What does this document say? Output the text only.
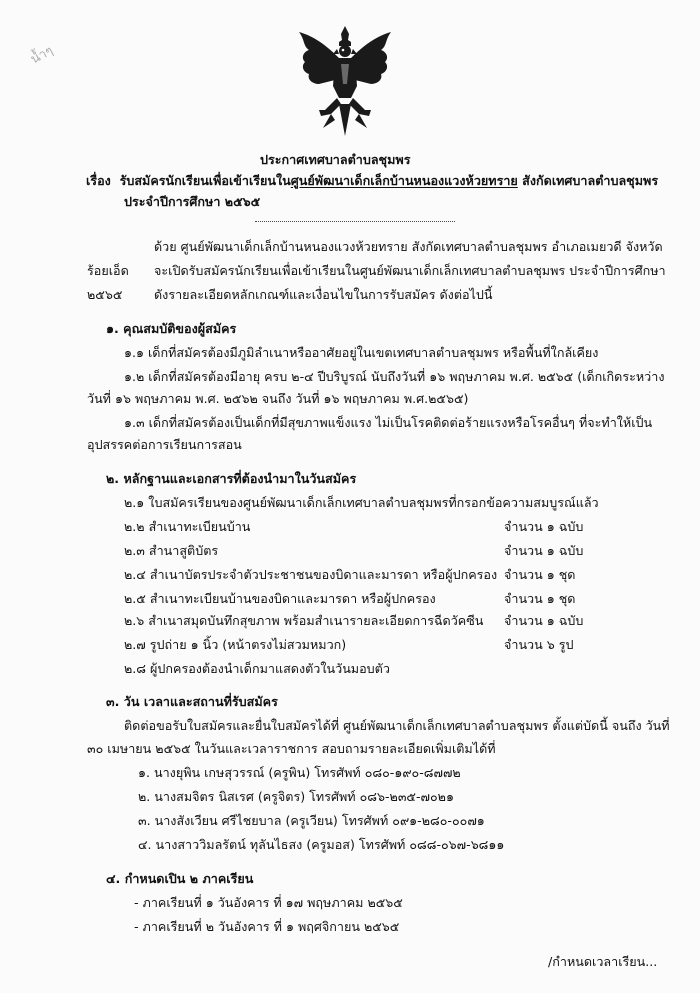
น้ำๆ
ประกาศเทศบาลตำบลชุมพร
เรื่อง รับสมัครนักเรียนเพื่อเข้าเรียนในศูนย์พัฒนาเด็กเล็กบ้านหนองแวงห้วยทราย สังกัดเทศบาลตำบลชุมพร
ประจำปีการศึกษา ๒๕๖๕
ด้วย ศูนย์พัฒนาเด็กเล็กบ้านหนองแวงห้วยทราย สังกัดเทศบาลตำบลชุมพร อำเภอเมยวดี จังหวัด
ร้อยเอ็ด จะเปิดรับสมัครนักเรียนเพื่อเข้าเรียนในศูนย์พัฒนาเด็กเล็กเทศบาลตำบลชุมพร ประจำปีการศึกษา
๒๕๖๕	ดังรายละเอียดหลักเกณฑ์และเงื่อนไขในการรับสมัคร ดังต่อไปนี้
๑. คุณสมบัติของผู้สมัคร
๑.๑ เด็กที่สมัครต้องมีภูมิลำเนาหรืออาศัยอยู่ในเขตเทศบาลตำบลชุมพร หรือพื้นที่ใกล้เคียง
๑.๒ เด็กที่สมัครต้องมีอายุ ครบ ๒-๔ ปีบริบูรณ์ นับถึงวันที่ ๑๖ พฤษภาคม พ.ศ. ๒๕๖๕ (เด็กเกิดระหว่าง
วันที่ ๑๖ พฤษภาคม พ.ศ. ๒๕๖๒ จนถึง วันที่ ๑๖ พฤษภาคม พ.ศ.๒๕๖๕)
๑.๓ เด็กที่สมัครต้องเป็นเด็กที่มีสุขภาพแข็งแรง ไม่เป็นโรคติดต่อร้ายแรงหรือโรคอื่นๆ ที่จะทำให้เป็น
อุปสรรคต่อการเรียนการสอน
๒. หลักฐานและเอกสารที่ต้องนำมาในวันสมัคร
๒.๑ ใบสมัครเรียนของศูนย์พัฒนาเด็กเล็กเทศบาลตำบลชุมพรที่กรอกข้อความสมบูรณ์แล้ว
๒.๒ สำเนาทะเบียนบ้าน	จำนวน ๑ ฉบับ
๒.๓ สำนาสูติบัตร	จำนวน ๑ ฉบับ
๒.๔ สำเนาบัตรประจำตัวประชาชนของบิดาและมารดา หรือผู้ปกครอง จำนวน ๑ ชุด
๒.๕ สำเนาทะเบียนบ้านของบิดาและมารดา หรือผู้ปกครอง	จำนวน ๑ ชุด
๒.๖ สำเนาสมุดบันทึกสุขภาพ พร้อมสำเนารายละเอียดการฉีดวัคซีน จำนวน ๑ ฉบับ
๒.๗ รูปถ่าย ๑ นิ้ว (หน้าตรงไม่สวมหมวก)	จำนวน ๖ รูป
๒.๘ ผู้ปกครองต้องนำเด็กมาแสดงตัวในวันมอบตัว
๓. วัน เวลาและสถานที่รับสมัคร
ติดต่อขอรับใบสมัครและยื่นใบสมัครได้ที่ ศูนย์พัฒนาเด็กเล็กเทศบาลตำบลชุมพร ตั้งแต่บัดนี้ จนถึง วันที่
๓๐ เมษายน ๒๕๖๕ ในวันและเวลาราชการ สอบถามรายละเอียดเพิ่มเติมได้ที่
๑. นางยุพิน เกษสุวรรณ์ (ครูพิน) โทรศัพท์ ๐๘๐-๑๙๐-๘๗๗๒
๒. นางสมจิตร นิสเรศ (ครูจิตร) โทรศัพท์ ๐๘๖-๒๓๕-๗๐๒๑
๓. นางสังเวียน ศรีไชยบาล (ครูเวียน) โทรศัพท์ ๐๙๑-๒๘๐-๐๐๗๑
๔. นางสาววิมลรัตน์ ทุลันไธสง (ครูมอส) โทรศัพท์ ๐๘๘-๐๖๗-๖๘๑๑
๔. กำหนดเปิน ๒ ภาคเรียน
- ภาคเรียนที่ ๑ วันอังคาร ที่ ๑๗ พฤษภาคม ๒๕๖๕
- ภาคเรียนที่ ๒ วันอังคาร ที่ ๑ พฤศจิกายน ๒๕๖๕
/กำหนดเวลาเรียน...
